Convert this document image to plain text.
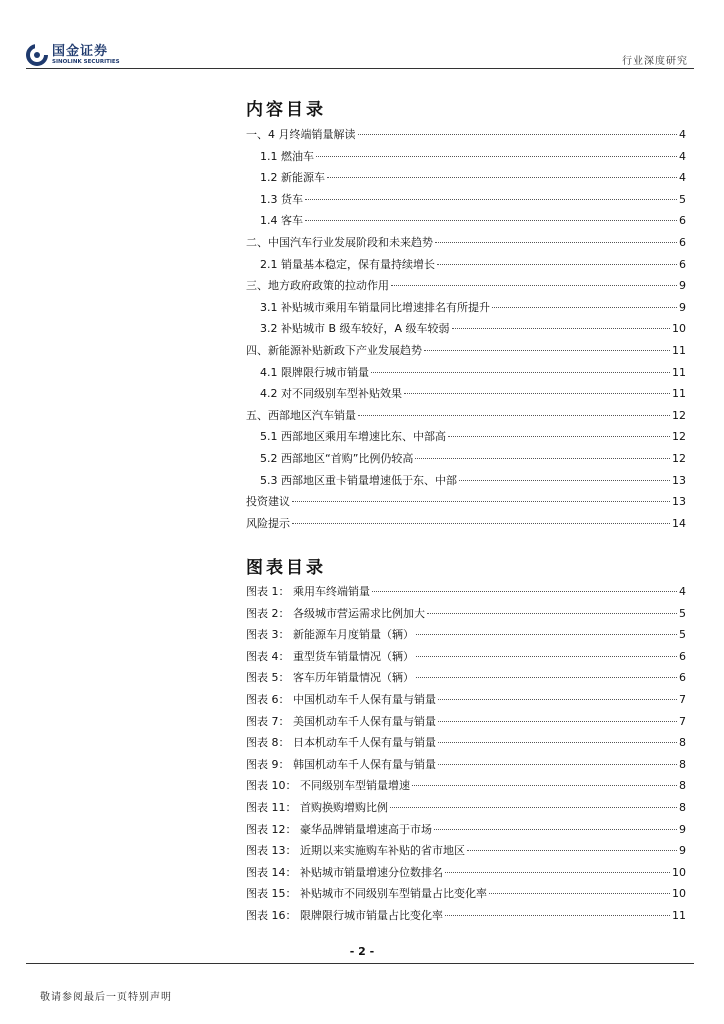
国金证券
SINOLINK SECURITIES	行业深度研究
内容目录
一、4 月终端销量解读	4
1.1 燃油车	4
1.2 新能源车	4
1.3 货车	5
1.4 客车	6
二、中国汽车行业发展阶段和未来趋势	6
2.1 销量基本稳定，保有量持续增长	6
三、地方政府政策的拉动作用	9
3.1 补贴城市乘用车销量同比增速排名有所提升	9
3.2 补贴城市 B 级车较好，A 级车较弱	10
四、新能源补贴新政下产业发展趋势	11
4.1 限牌限行城市销量	11
4.2 对不同级别车型补贴效果	11
五、西部地区汽车销量	12
5.1 西部地区乘用车增速比东、中部高	12
5.2 西部地区“首购”比例仍较高	12
5.3 西部地区重卡销量增速低于东、中部	13
投资建议	13
风险提示	14
图表目录
图表 1： 乘用车终端销量	4
图表 2： 各级城市营运需求比例加大	5
图表 3： 新能源车月度销量（辆）	5
图表 4： 重型货车销量情况（辆）	6
图表 5： 客车历年销量情况（辆）	6
图表 6： 中国机动车千人保有量与销量	7
图表 7： 美国机动车千人保有量与销量	7
图表 8： 日本机动车千人保有量与销量	8
图表 9： 韩国机动车千人保有量与销量	8
图表 10： 不同级别车型销量增速	8
图表 11： 首购换购增购比例	8
图表 12： 豪华品牌销量增速高于市场	9
图表 13： 近期以来实施购车补贴的省市地区	9
图表 14： 补贴城市销量增速分位数排名	10
图表 15： 补贴城市不同级别车型销量占比变化率	10
图表 16： 限牌限行城市销量占比变化率	11
- 2 -
敬请参阅最后一页特别声明
